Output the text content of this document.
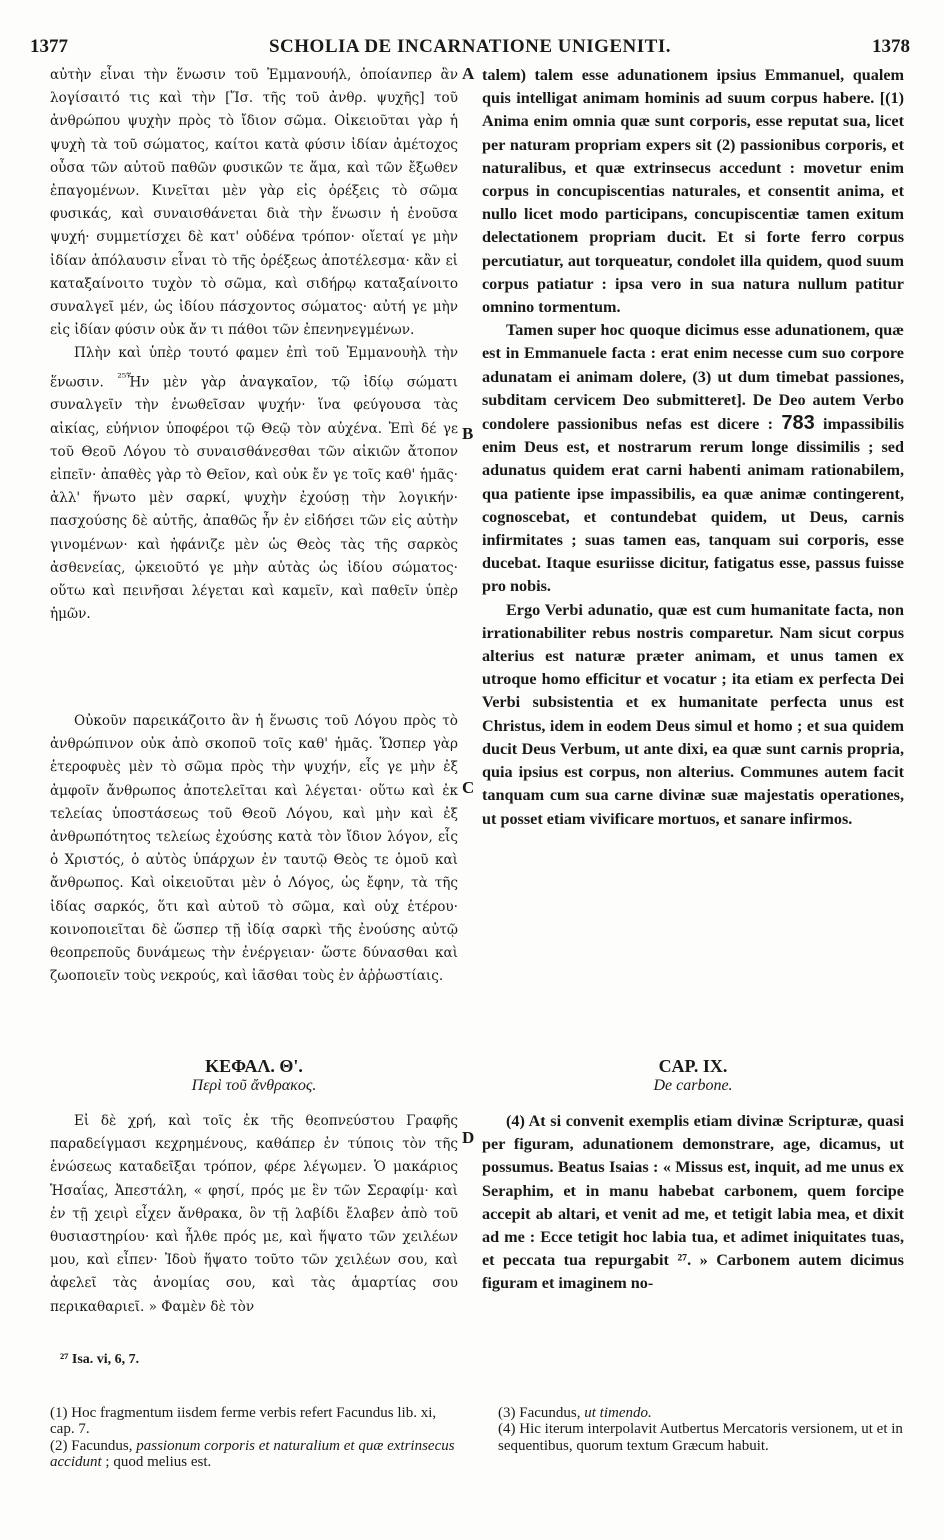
1377	SCHOLIA DE INCARNATIONE UNIGENITI.	1378
A
B
C
D

αὐτὴν εἶναι τὴν ἕνωσιν τοῦ Ἐμμανουήλ, ὁποίανπερ ἂν λογίσαιτό τις καὶ τὴν [Ἴσ. τῆς τοῦ ἀνθρ. ψυχῆς] τοῦ ἀνθρώπου ψυχὴν πρὸς τὸ ἴδιον σῶμα. Οἰκειοῦται γὰρ ἡ ψυχὴ τὰ τοῦ σώματος, καίτοι κατὰ φύσιν ἰδίαν ἀμέτοχος οὖσα τῶν αὐτοῦ παθῶν φυσικῶν τε ἅμα, καὶ τῶν ἔξωθεν ἐπαγομένων. Κινεῖται μὲν γὰρ εἰς ὀρέξεις τὸ σῶμα φυσικάς, καὶ συναισθάνεται διὰ τὴν ἕνωσιν ἡ ἐνοῦσα ψυχή· συμμετίσχει δὲ κατ' οὐδένα τρόπον· οἴεταί γε μὴν ἰδίαν ἀπόλαυσιν εἶναι τὸ τῆς ὀρέξεως ἀποτέλεσμα· κἂν εἰ καταξαίνοιτο τυχὸν τὸ σῶμα, καὶ σιδήρῳ καταξαίνοιτο συναλγεῖ μέν, ὡς ἰδίου πάσχοντος σώματος· αὐτή γε μὴν εἰς ἰδίαν φύσιν οὐκ ἄν τι πάθοι τῶν ἐπενηνεγμένων.

Πλὴν καὶ ὑπὲρ τουτό φαμεν ἐπὶ τοῦ Ἐμμανουὴλ τὴν ἕνωσιν. $^{^{25}}$Ἦν μὲν γὰρ ἀναγκαῖον, τῷ ἰδίῳ σώματι συναλγεῖν τὴν ἑνωθεῖσαν ψυχήν· ἵνα φεύγουσα τὰς αἰκίας, εὐήνιον ὑποφέροι τῷ Θεῷ τὸν αὐχένα. Ἐπὶ δέ γε τοῦ Θεοῦ Λόγου τὸ συναισθάνεσθαι τῶν αἰκιῶν ἄτοπον εἰπεῖν· ἀπαθὲς γὰρ τὸ Θεῖον, καὶ οὐκ ἔν γε τοῖς καθ' ἡμᾶς· ἀλλ' ἥνωτο μὲν σαρκί, ψυχὴν ἐχούσῃ τὴν λογικήν· πασχούσης δὲ αὐτῆς, ἀπαθῶς ἦν ἐν εἰδήσει τῶν εἰς αὐτὴν γινομένων· καὶ ἠφάνιζε μὲν ὡς Θεὸς τὰς τῆς σαρκὸς ἀσθενείας, ᾠκειοῦτό γε μὴν αὐτὰς ὡς ἰδίου σώματος· οὕτω καὶ πεινῆσαι λέγεται καὶ καμεῖν, καὶ παθεῖν ὑπὲρ ἡμῶν.

Οὐκοῦν παρεικάζοιτο ἂν ἡ ἕνωσις τοῦ Λόγου πρὸς τὸ ἀνθρώπινον οὐκ ἀπὸ σκοποῦ τοῖς καθ' ἡμᾶς. Ὥσπερ γὰρ ἑτεροφυὲς μὲν τὸ σῶμα πρὸς τὴν ψυχήν, εἷς γε μὴν ἐξ ἀμφοῖν ἄνθρωπος ἀποτελεῖται καὶ λέγεται· οὕτω καὶ ἐκ τελείας ὑποστάσεως τοῦ Θεοῦ Λόγου, καὶ μὴν καὶ ἐξ ἀνθρωπότητος τελείως ἐχούσης κατὰ τὸν ἴδιον λόγον, εἷς ὁ Χριστός, ὁ αὐτὸς ὑπάρχων ἐν ταυτῷ Θεὸς τε ὁμοῦ καὶ ἄνθρωπος. Καὶ οἰκειοῦται μὲν ὁ Λόγος, ὡς ἔφην, τὰ τῆς ἰδίας σαρκός, ὅτι καὶ αὐτοῦ τὸ σῶμα, καὶ οὐχ ἑτέρου· κοινοποιεῖται δὲ ὥσπερ τῇ ἰδίᾳ σαρκὶ τῆς ἐνούσης αὐτῷ θεοπρεποῦς δυνάμεως τὴν ἐνέργειαν· ὥστε δύνασθαι καὶ ζωοποιεῖν τοὺς νεκρούς, καὶ ἰᾶσθαι τοὺς ἐν ἀῤῥωστίαις.

talem) talem esse adunationem ipsius Emmanuel, qualem quis intelligat animam hominis ad suum corpus habere. [(1) Anima enim omnia quæ sunt corporis, esse reputat sua, licet per naturam propriam expers sit (2) passionibus corporis, et naturalibus, et quæ extrinsecus accedunt : movetur enim corpus in concupiscentias naturales, et consentit anima, et nullo licet modo participans, concupiscentiæ tamen exitum delectationem propriam ducit. Et si forte ferro corpus percutiatur, aut torqueatur, condolet illa quidem, quod suum corpus patiatur : ipsa vero in sua natura nullum patitur omnino tormentum.

Tamen super hoc quoque dicimus esse adunationem, quæ est in Emmanuele facta : erat enim necesse cum suo corpore adunatam ei animam dolere, (3) ut dum timebat passiones, subditam cervicem Deo submitteret]. De Deo autem Verbo condolere passionibus nefas est dicere : 783 impassibilis enim Deus est, et nostrarum rerum longe dissimilis ; sed adunatus quidem erat carni habenti animam rationabilem, qua patiente ipse impassibilis, ea quæ animæ contingerent, cognoscebat, et contundebat quidem, ut Deus, carnis infirmitates ; suas tamen eas, tanquam sui corporis, esse ducebat. Itaque esuriisse dicitur, fatigatus esse, passus fuisse pro nobis.

Ergo Verbi adunatio, quæ est cum humanitate facta, non irrationabiliter rebus nostris comparetur. Nam sicut corpus alterius est naturæ præter animam, et unus tamen ex utroque homo efficitur et vocatur ; ita etiam ex perfecta Dei Verbi subsistentia et ex humanitate perfecta unus est Christus, idem in eodem Deus simul et homo ; et sua quidem ducit Deus Verbum, ut ante dixi, ea quæ sunt carnis propria, quia ipsius est corpus, non alterius. Communes autem facit tanquam cum sua carne divinæ suæ majestatis operationes, ut posset etiam vivificare mortuos, et sanare infirmos.

ΚΕΦΑΛ. Θ'.
Περὶ τοῦ ἄνθρακος.
CAP. IX.
De carbone.

Εἰ δὲ χρή, καὶ τοῖς ἐκ τῆς θεοπνεύστου Γραφῆς παραδείγμασι κεχρημένους, καθάπερ ἐν τύποις τὸν τῆς ἑνώσεως καταδεῖξαι τρόπον, φέρε λέγωμεν. Ὁ μακάριος Ἡσαΐας, Ἀπεστάλη, « φησί, πρός με ἓν τῶν Σεραφίμ· καὶ ἐν τῇ χειρὶ εἶχεν ἄνθρακα, ὃν τῇ λαβίδι ἔλαβεν ἀπὸ τοῦ θυσιαστηρίου· καὶ ἦλθε πρός με, καὶ ἥψατο τῶν χειλέων μου, καὶ εἶπεν· Ἰδοὺ ἥψατο τοῦτο τῶν χειλέων σου, καὶ ἀφελεῖ τὰς ἀνομίας σου, καὶ τὰς ἁμαρτίας σου περικαθαριεῖ. » Φαμὲν δὲ τὸν

(4) At si convenit exemplis etiam divinæ Scripturæ, quasi per figuram, adunationem demonstrare, age, dicamus, ut possumus. Beatus Isaias : « Missus est, inquit, ad me unus ex Seraphim, et in manu habebat carbonem, quem forcipe accepit ab altari, et venit ad me, et tetigit labia mea, et dixit ad me : Ecce tetigit hoc labia tua, et adimet iniquitates tuas, et peccata tua repurgabit ²⁷. » Carbonem autem dicimus figuram et imaginem no-

²⁷ Isa. vi, 6, 7.

(1) Hoc fragmentum iisdem ferme verbis refert Facundus lib. xi, cap. 7.

(2) Facundus, passionum corporis et naturalium et quæ extrinsecus accidunt ; quod melius est.

(3) Facundus, ut timendo.

(4) Hic iterum interpolavit Autbertus Mercatoris versionem, ut et in sequentibus, quorum textum Græcum habuit.
